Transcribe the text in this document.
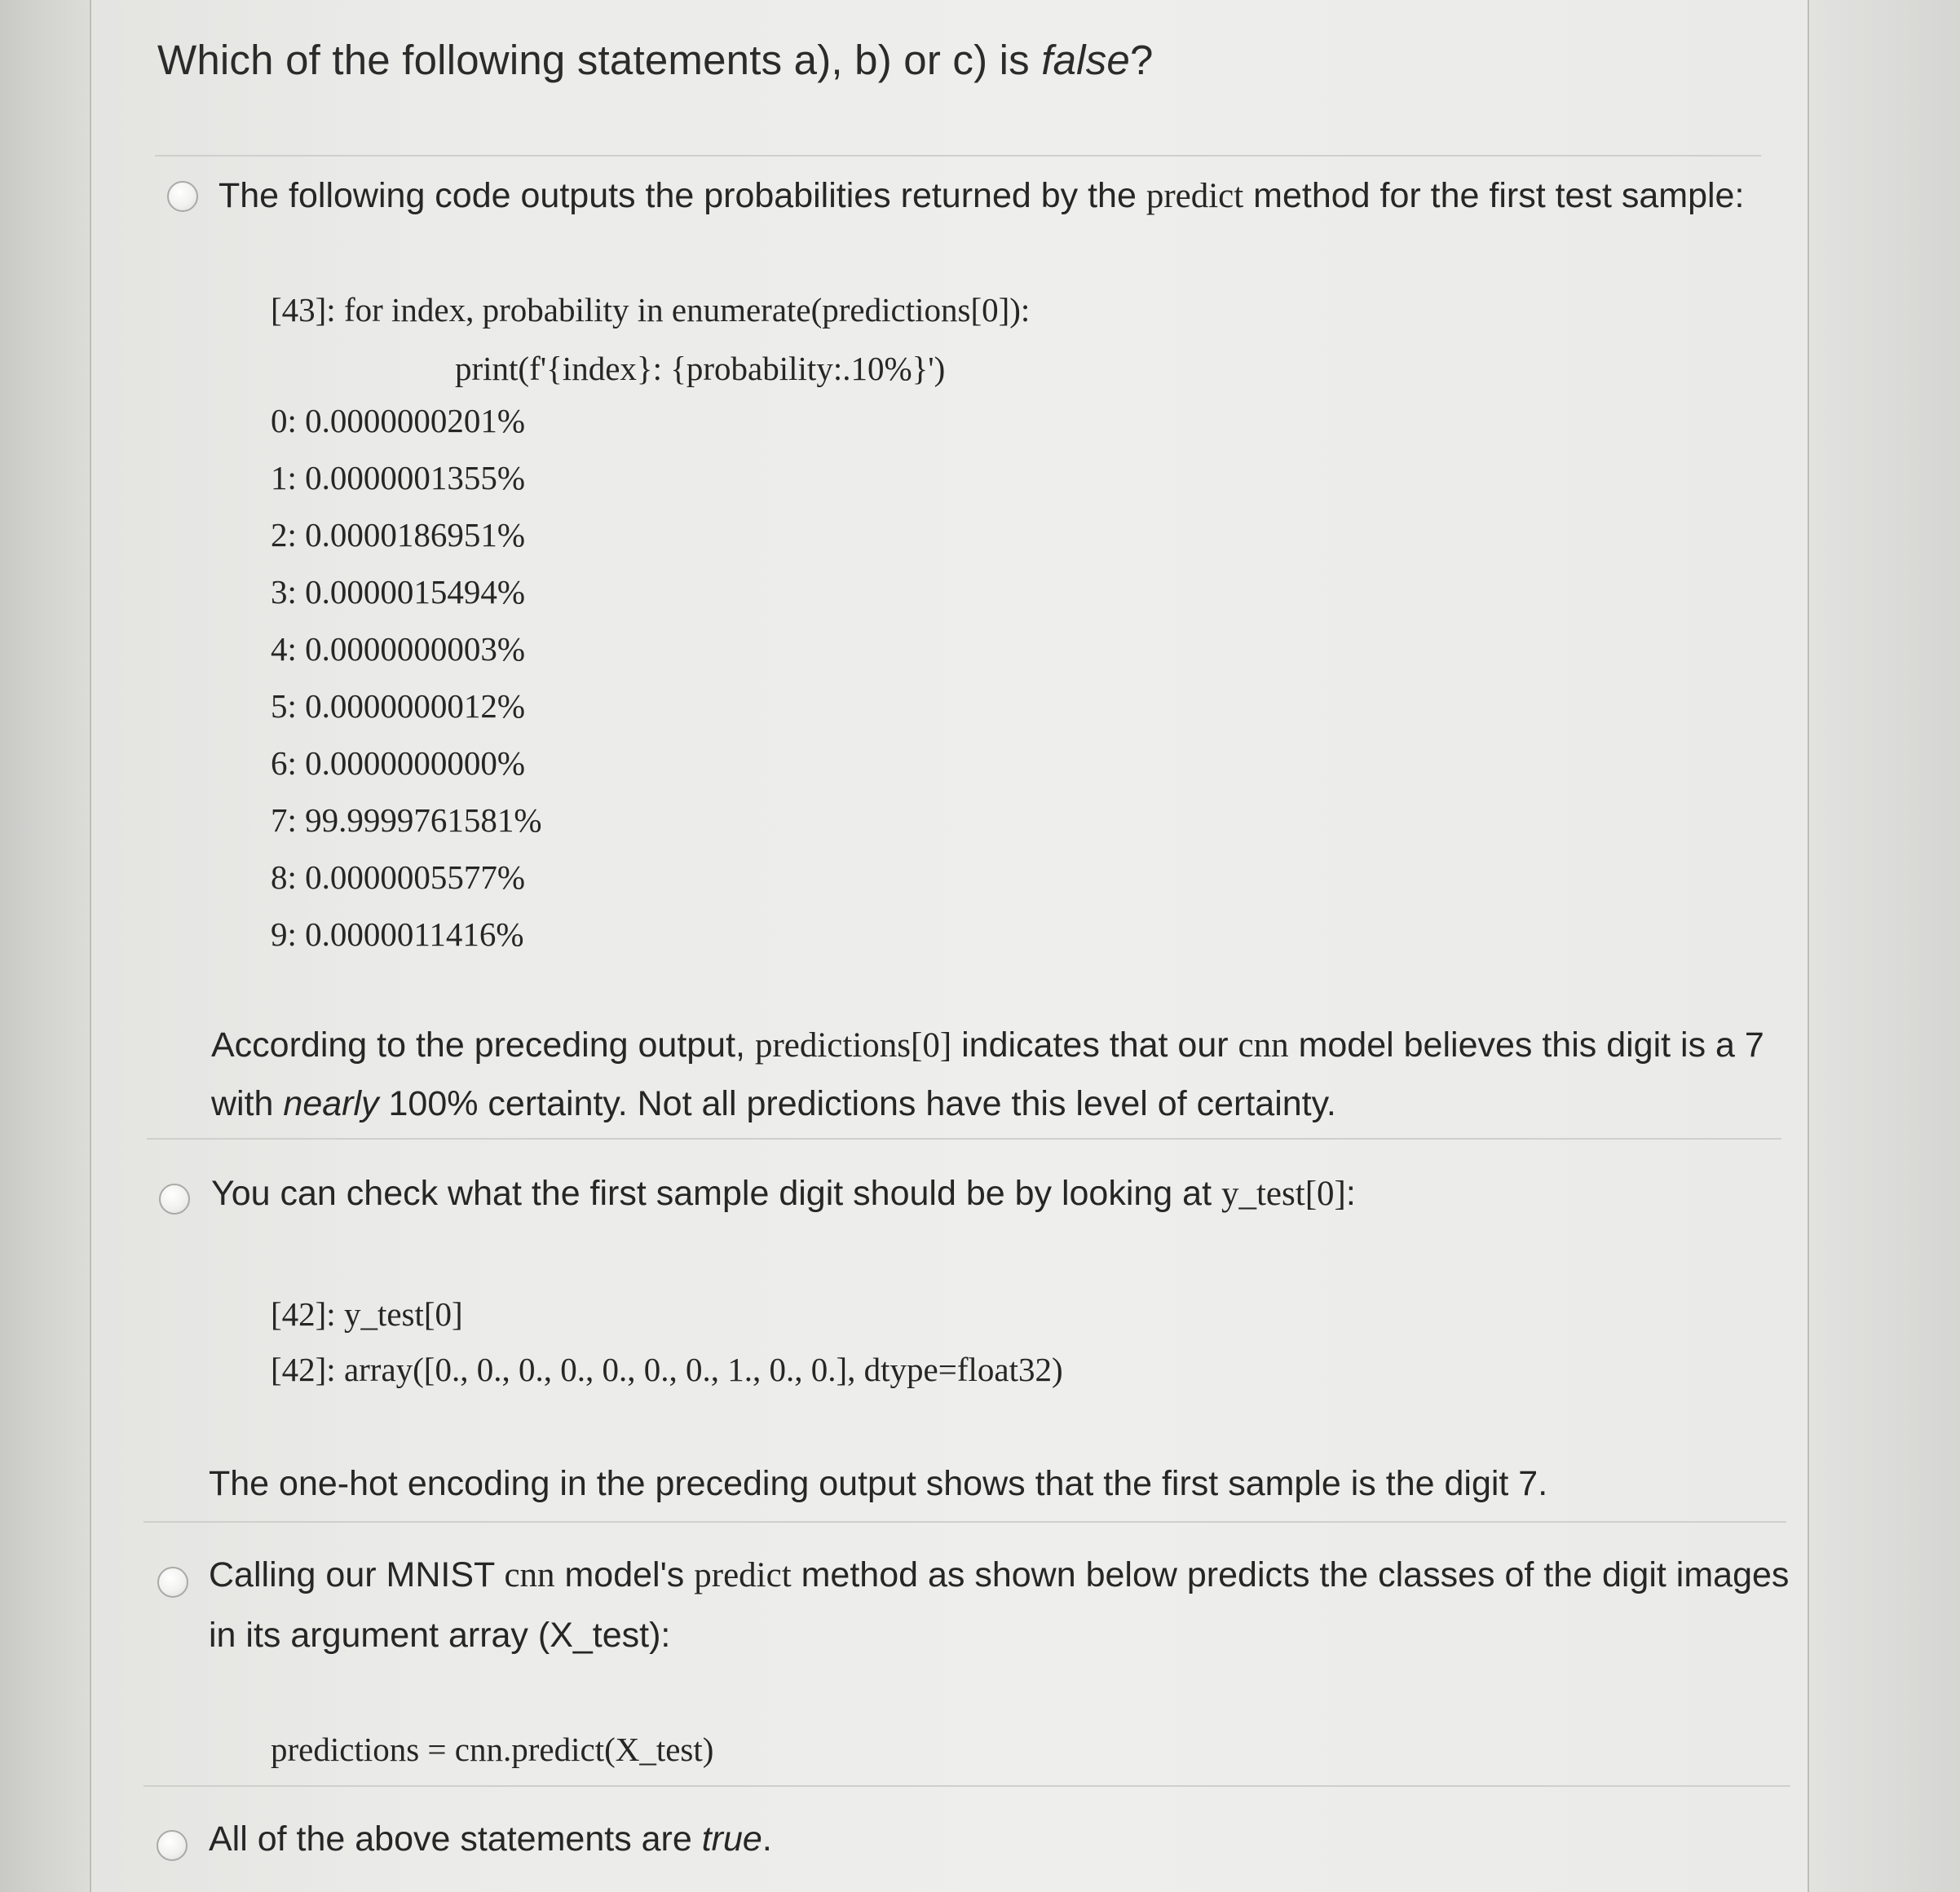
Which of the following statements a), b) or c) is false?
The following code outputs the probabilities returned by the predict method for the first test sample:
[43]: for index, probability in enumerate(predictions[0]):
print(f'{index}: {probability:.10%}')
0: 0.0000000201%
1: 0.0000001355%
2: 0.0000186951%
3: 0.0000015494%
4: 0.0000000003%
5: 0.0000000012%
6: 0.0000000000%
7: 99.9999761581%
8: 0.0000005577%
9: 0.0000011416%
According to the preceding output, predictions[0] indicates that our cnn model believes this digit is a 7
with nearly 100% certainty. Not all predictions have this level of certainty.
You can check what the first sample digit should be by looking at y_test[0]:
[42]: y_test[0]
[42]: array([0., 0., 0., 0., 0., 0., 0., 1., 0., 0.], dtype=float32)
The one-hot encoding in the preceding output shows that the first sample is the digit 7.
Calling our MNIST cnn model's predict method as shown below predicts the classes of the digit images
in its argument array (X_test):
predictions = cnn.predict(X_test)
All of the above statements are true.
